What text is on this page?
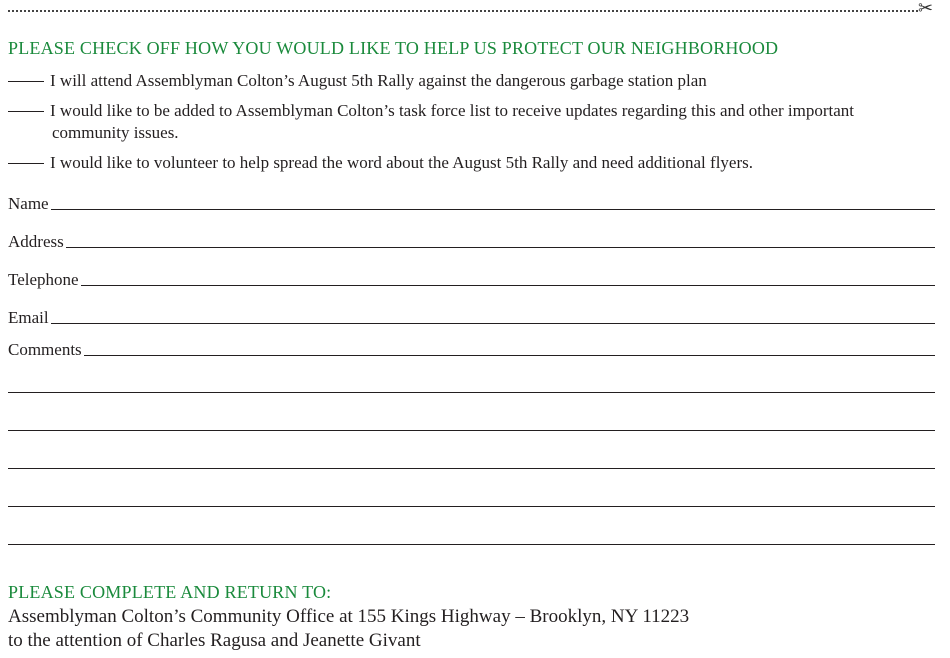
✂
PLEASE CHECK OFF HOW YOU WOULD LIKE TO HELP US PROTECT OUR NEIGHBORHOOD
I will attend Assemblyman Colton’s August 5th Rally against the dangerous garbage station plan
I would like to be added to Assemblyman Colton’s task force list to receive updates regarding this and other important
community issues.
I would like to volunteer to help spread the word about the August 5th Rally and need additional flyers.
Name
Address
Telephone
Email
Comments
PLEASE COMPLETE AND RETURN TO:
Assemblyman Colton’s Community Office at 155 Kings Highway – Brooklyn, NY 11223
to the attention of Charles Ragusa and Jeanette Givant
